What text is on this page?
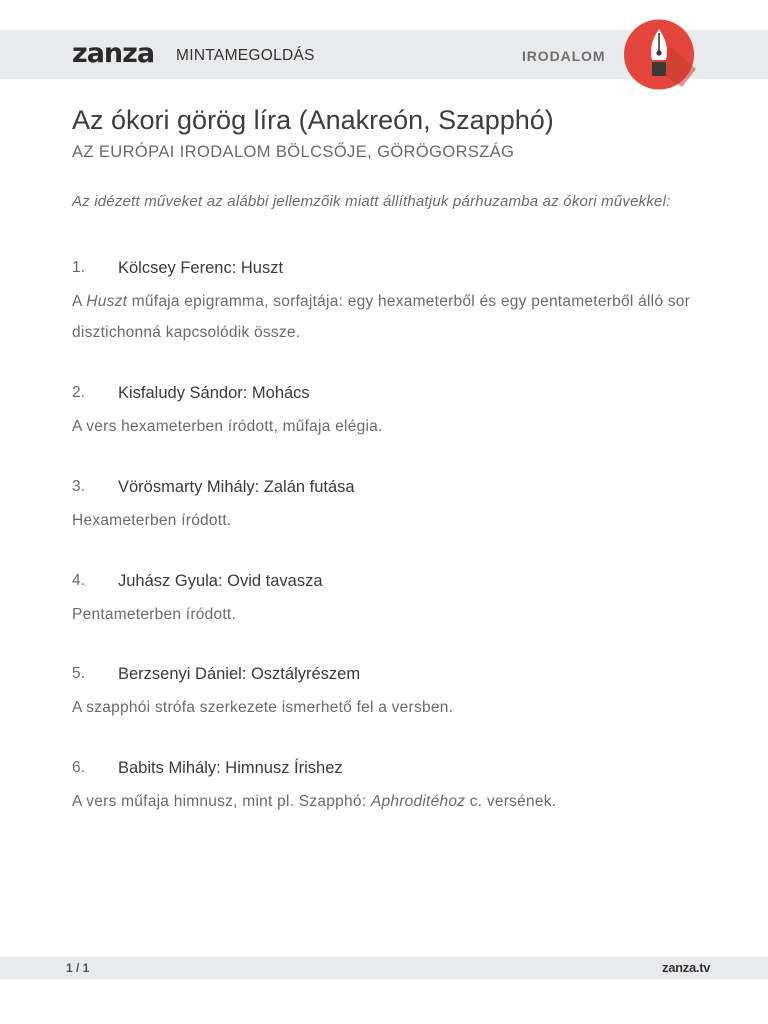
zanza MINTAMEGOLDÁS	IRODALOM
Az ókori görög líra (Anakreón, Szapphó)
AZ EURÓPAI IRODALOM BÖLCSŐJE, GÖRÖGORSZÁG
Az idézett műveket az alábbi jellemzőik miatt állíthatjuk párhuzamba az ókori művekkel:
1. Kölcsey Ferenc: Huszt
A Huszt műfaja epigramma, sorfajtája: egy hexameterből és egy pentameterből álló sor disztichonná kapcsolódik össze.
2. Kisfaludy Sándor: Mohács
A vers hexameterben íródott, műfaja elégia.
3. Vörösmarty Mihály: Zalán futása
Hexameterben íródott.
4. Juhász Gyula: Ovid tavasza
Pentameterben íródott.
5. Berzsenyi Dániel: Osztályrészem
A szapphói strófa szerkezete ismerhető fel a versben.
6. Babits Mihály: Himnusz Írishez
A vers műfaja himnusz, mint pl. Szapphó: Aphroditéhoz c. versének.
1 / 1	zanza.tv
